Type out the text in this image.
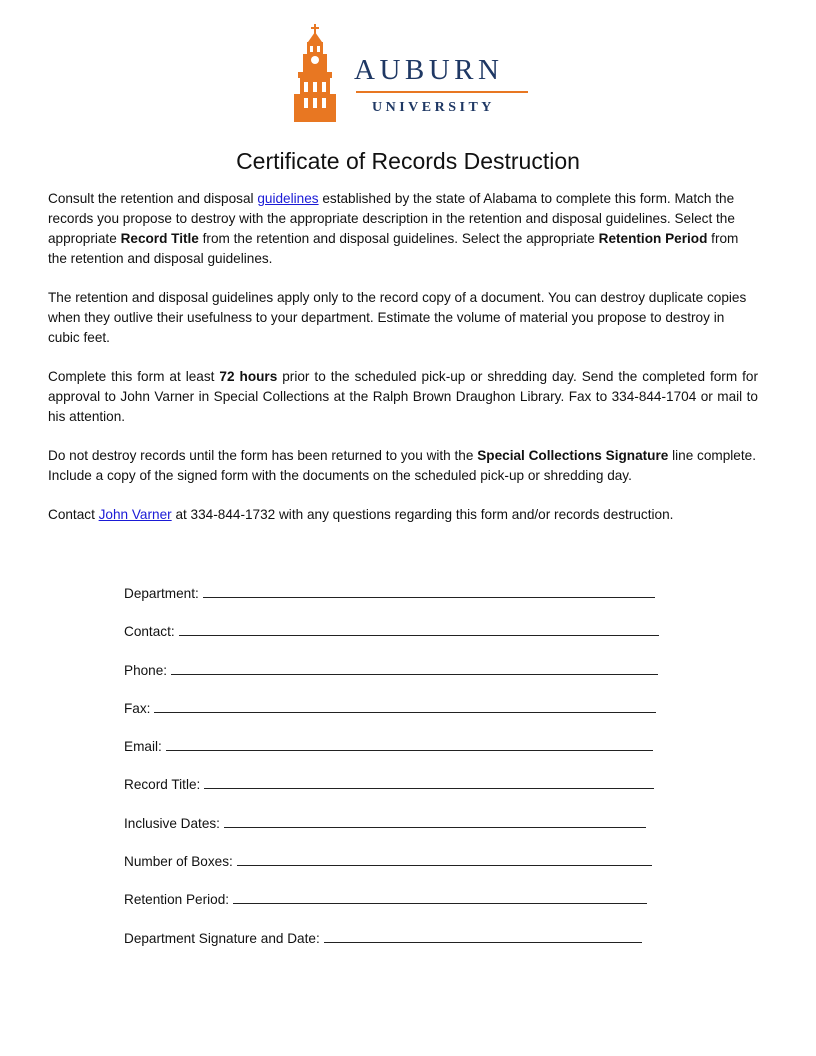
AUBURN
UNIVERSITY
Certificate of Records Destruction

Consult the retention and disposal guidelines established by the state of Alabama to complete this form. Match the records you propose to destroy with the appropriate description in the retention and disposal guidelines. Select the appropriate Record Title from the retention and disposal guidelines. Select the appropriate Retention Period from the retention and disposal guidelines.

The retention and disposal guidelines apply only to the record copy of a document. You can destroy duplicate copies when they outlive their usefulness to your department. Estimate the volume of material you propose to destroy in cubic feet.

Complete this form at least 72 hours prior to the scheduled pick-up or shredding day. Send the completed form for approval to John Varner in Special Collections at the Ralph Brown Draughon Library. Fax to 334-844-1704 or mail to his attention.

Do not destroy records until the form has been returned to you with the Special Collections Signature line complete. Include a copy of the signed form with the documents on the scheduled pick-up or shredding day.

Contact John Varner at 334-844-1732 with any questions regarding this form and/or records destruction.

Department:
Contact:
Phone:
Fax:
Email:
Record Title:
Inclusive Dates:
Number of Boxes:
Retention Period:
Department Signature and Date:
